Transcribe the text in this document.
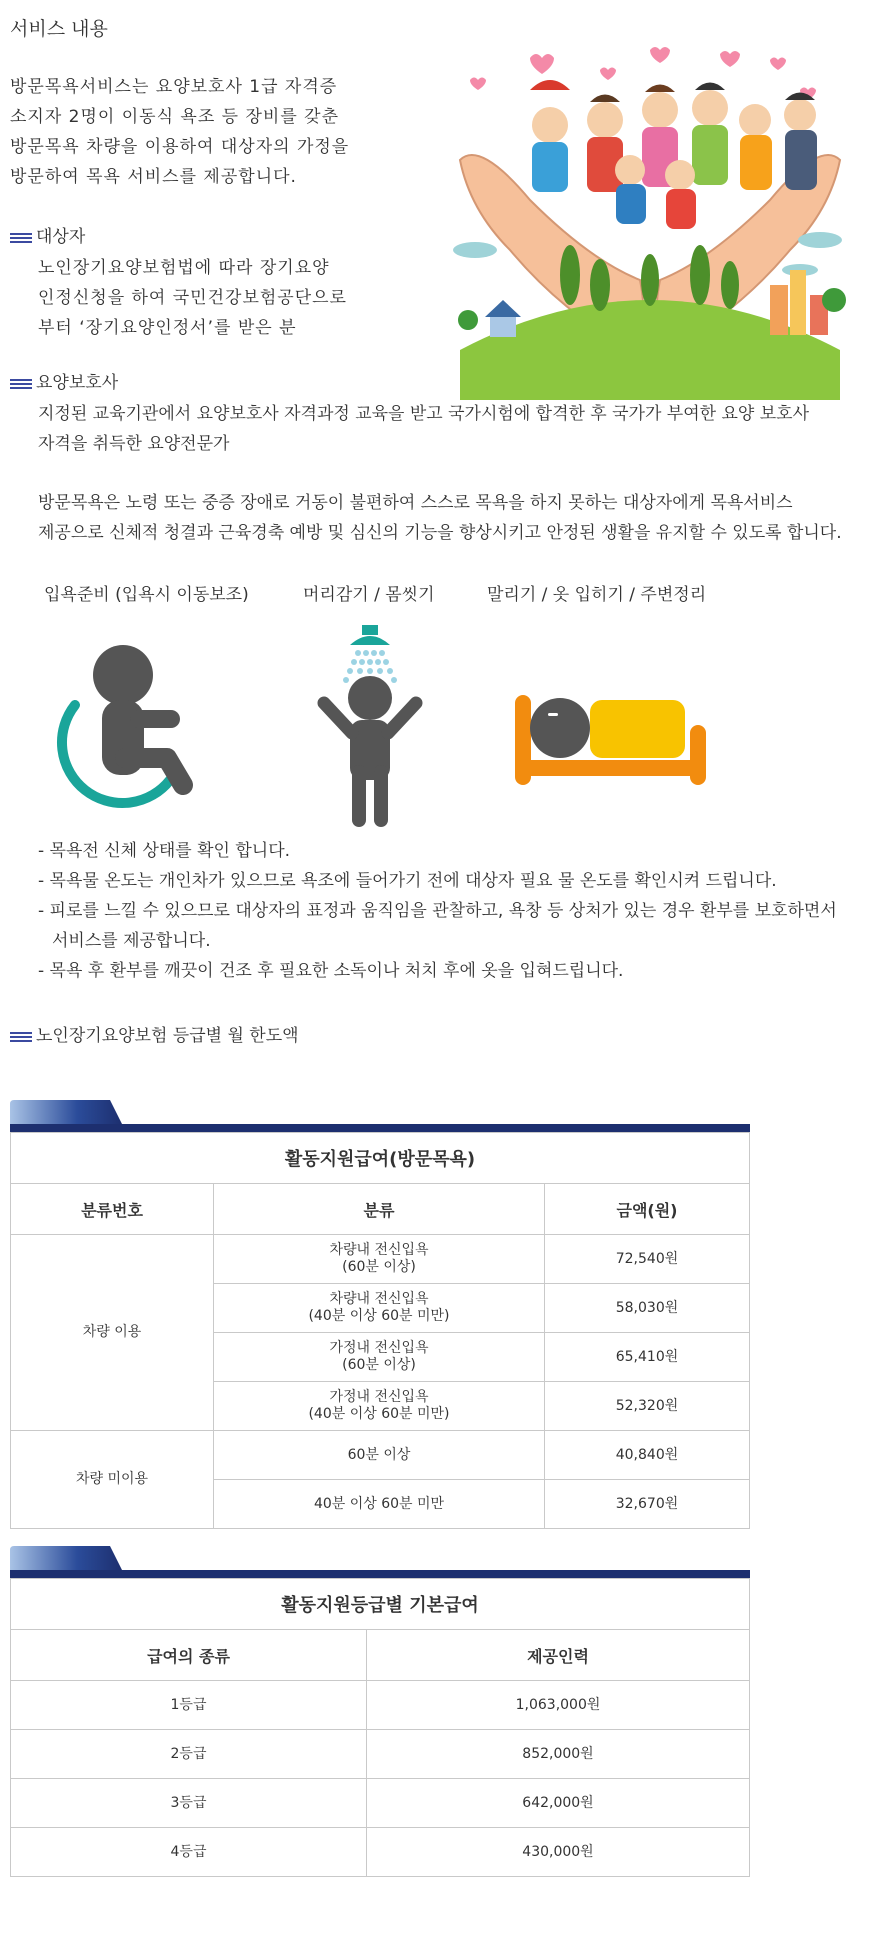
서비스 내용
방문목욕서비스는 요양보호사 1급 자격증
소지자 2명이 이동식 욕조 등 장비를 갖춘
방문목욕 차량을 이용하여 대상자의 가정을
방문하여 목욕 서비스를 제공합니다.
대상자
노인장기요양보험법에 따라 장기요양
인정신청을 하여 국민건강보험공단으로
부터 ‘장기요양인정서’를 받은 분
요양보호사
지정된 교육기관에서 요양보호사 자격과정 교육을 받고 국가시험에 합격한 후 국가가 부여한 요양 보호사
자격을 취득한 요양전문가
방문목욕은 노령 또는 중증 장애로 거동이 불편하여 스스로 목욕을 하지 못하는 대상자에게 목욕서비스
제공으로 신체적 청결과 근육경축 예방 및 심신의 기능을 향상시키고 안정된 생활을 유지할 수 있도록 합니다.
입욕준비 (입욕시 이동보조)	머리감기 / 몸씻기	말리기 / 옷 입히기 / 주변정리
- 목욕전 신체 상태를 확인 합니다.
- 목욕물 온도는 개인차가 있으므로 욕조에 들어가기 전에 대상자 필요 물 온도를 확인시켜 드립니다.
- 피로를 느낄 수 있으므로 대상자의 표정과 움직임을 관찰하고, 욕창 등 상처가 있는 경우 환부를 보호하면서
서비스를 제공합니다.
- 목욕 후 환부를 깨끗이 건조 후 필요한 소독이나 처치 후에 옷을 입혀드립니다.
노인장기요양보험 등급별 월 한도액
활동지원급여(방문목욕)		
분류번호	분류	금액(원)
차량 이용	차량내 전신입욕
(60분 이상)	72,540원

	차량내 전신입욕
(40분 이상 60분 미만)	58,030원

	가정내 전신입욕
(60분 이상)	65,410원

	가정내 전신입욕
(40분 이상 60분 미만)	52,320원
차량 미이용	60분 이상	40,840원
	40분 이상 60분 미만	32,670원
활동지원등급별 기본급여	
급여의 종류	제공인력
1등급	1,063,000원
2등급	852,000원
3등급	642,000원
4등급	430,000원
